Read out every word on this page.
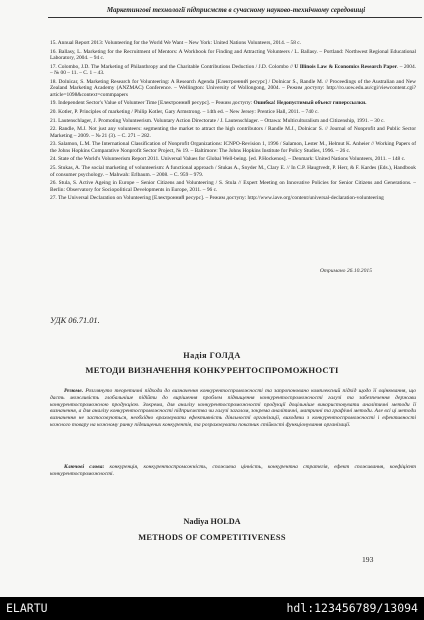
Маркетингові технології підприємств в сучасному науково-технічному середовищі

15. Annual Report 2013: Volunteering for the World We Want – New York: United Nations Volunteers, 2014. – 58 c.

16. Ballasy, L. Marketing for the Recruitment of Mentors: A Workbook for Finding and Attracting Volunteers / L. Ballasy. – Portland: Northwest Regional Educational Laboratory, 2004. – 94 c.

17. Colombo, J.D. The Marketing of Philanthropy and the Charitable Contributions Deduction / J.D. Colombo // U Illinois Law & Economics Research Paper. – 2004. – № 00 – 11. – C. 1 – 43.

18. Dolnicar, S. Marketing Research for Volunteering: A Research Agenda [Електронний ресурс] / Dolnicar S., Randle M. // Proceedings of the Australian and New Zealand Marketing Academy (ANZMAC) Conference. – Wellington: University of Wollongong, 2004. – Режим доступу: http://ro.uow.edu.au/cgi/viewcontent.cgi?article=1098&context=commpapers

19. Independent Sector's Value of Volunteer Time [Електронний ресурс]. – Режим доступу: Ошибка! Недопустимый объект гиперссылки.

20. Kotler, P. Principles of marketing / Philip Kotler, Gary Armstrong. – 14th ed. – New Jersey: Prentice Hall, 2011. – 740 c.

21. Lautenschlager, J. Promoting Volunteerism. Voluntary Action Directorate / J. Lautenschlager. – Ottawa: Multiculturalism and Citizenship, 1991. – 30 c.

22. Randle, M.J. Not just any volunteers: segmenting the market to attract the high contributors / Randle M.J., Dolnicar S. // Journal of Nonprofit and Public Sector Marketing – 2009. – № 21 (3). – C. 271 – 282.

23. Salamon, L.M. The International Classification of Nonprofit Organizations: ICNPO-Revision 1, 1996 / Salamon, Lester M., Helmut K. Anheier // Working Papers of the Johns Hopkins Comparative Nonprofit Sector Project, № 19. – Baltimore: The Johns Hopkins Institute for Policy Studies, 1996. – 26 c.

24. State of the World's Volunteerism Report 2011. Universal Values for Global Well-being. [ed. P.Hockenos]. – Denmark: United Nations Volunteers, 2011. – 148 c.

25. Stukas, A. The social marketing of volunteerism: A functional approach / Stukas A., Snyder M., Clary E. // In C.P. Haugtvedt, P. Herr, & F. Kardes (Eds.), Handbook of consumer psychology. – Mahwah: Erlbaum. – 2008. – C. 959 – 979.

26. Stula, S. Active Ageing in Europe – Senior Citizens and Volunteering / S. Stula // Expert Meeting on Innovative Policies for Senior Citizens and Generations. – Berlin: Observatory for Sociopolitical Developments in Europe, 2011. – 96 c.

27. The Universal Declaration on Volunteering [Електронний ресурс]. – Режим доступу: http://www.iave.org/content/universal-declaration-volunteering

Отримано 26.10.2015
УДК 06.71.01.
Надія ГОЛДА
МЕТОДИ ВИЗНАЧЕННЯ КОНКУРЕНТОСПРОМОЖНОСТІ
Резюме. Розглянуто теоретичні підходи до визначення конкурентоспроможності та запропоновано комплексний підхід щодо її оцінювання, що дасть можливість глобальніше підійти до вирішення проблем підвищення конкурентоспроможності галузі та забезпечення держави конкурентоспроможною продукцією. Зокрема, для аналізу конкурентоспроможності продукції доцільніше використовувати аналітичні методи її визначення, а для аналізу конкурентоспроможності підприємства чи галузі загалом, зокрема аналітичні, матричні та графічні методи. Але всі ці методи визначення не застосовуються, необхідно враховувати ефективність діяльності організації, виходячи з конкурентоспроможності і ефективності кожного товару на кожному ринку підвищених конкурентів, та розраховувати показник стійкості функціонування організації.
Ключові слова: конкуренція, конкурентоспроможність, споживча цінність, конкурентна стратегія, ефект споживання, коефіцієнт конкурентоспроможності.
Nadiya HOLDA
METHODS OF COMPETITIVENESS
193
ELARTU	hdl:123456789/13094
